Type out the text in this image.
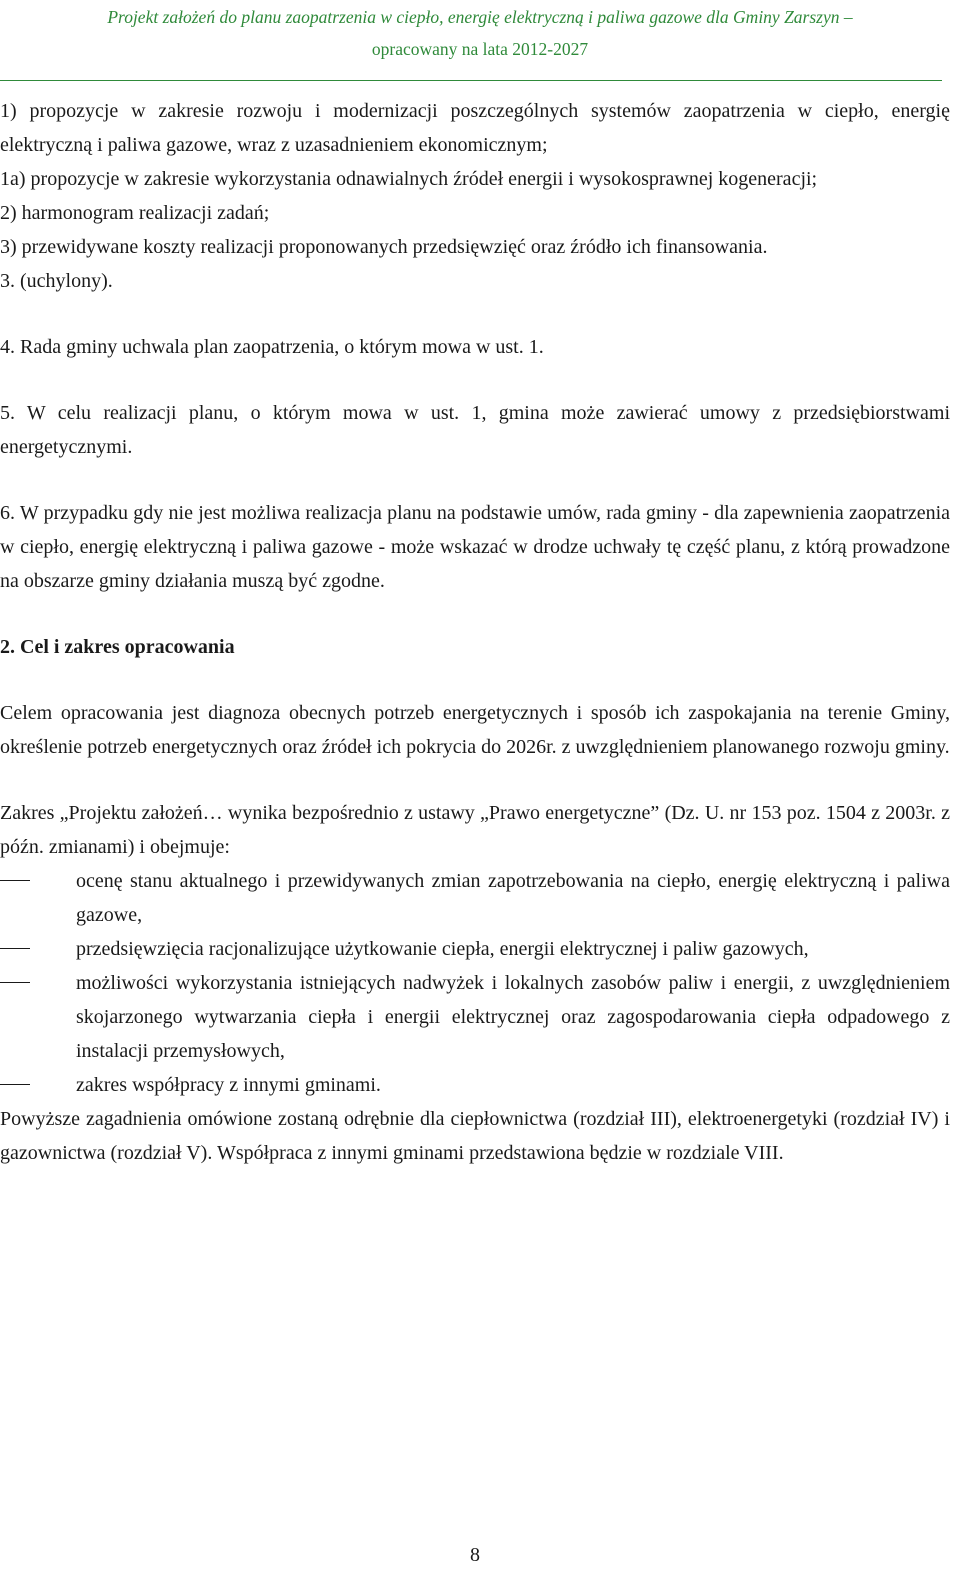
Projekt założeń do planu zaopatrzenia w ciepło, energię elektryczną i paliwa gazowe dla Gminy Zarszyn –
opracowany na lata 2012-2027

1) propozycje w zakresie rozwoju i modernizacji poszczególnych systemów zaopatrzenia w ciepło, energię elektryczną i paliwa gazowe, wraz z uzasadnieniem ekonomicznym;

1a) propozycje w zakresie wykorzystania odnawialnych źródeł energii i wysokosprawnej kogeneracji;

2) harmonogram realizacji zadań;

3) przewidywane koszty realizacji proponowanych przedsięwzięć oraz źródło ich finansowania.

3. (uchylony).

4. Rada gminy uchwala plan zaopatrzenia, o którym mowa w ust. 1.

5. W celu realizacji planu, o którym mowa w ust. 1, gmina może zawierać umowy z przedsiębiorstwami energetycznymi.

6. W przypadku gdy nie jest możliwa realizacja planu na podstawie umów, rada gminy - dla zapewnienia zaopatrzenia w ciepło, energię elektryczną i paliwa gazowe - może wskazać w drodze uchwały tę część planu, z którą prowadzone na obszarze gminy działania muszą być zgodne.

2. Cel i zakres opracowania

Celem opracowania jest diagnoza obecnych potrzeb energetycznych i sposób ich zaspokajania na terenie Gminy, określenie potrzeb energetycznych oraz źródeł ich pokrycia do 2026r. z uwzględnieniem planowanego rozwoju gminy.

Zakres „Projektu założeń… wynika bezpośrednio z ustawy „Prawo energetyczne” (Dz. U. nr 153 poz. 1504 z 2003r. z późn. zmianami) i obejmuje:

ocenę stanu aktualnego i przewidywanych zmian zapotrzebowania na ciepło, energię elektryczną i paliwa gazowe,
przedsięwzięcia racjonalizujące użytkowanie ciepła, energii elektrycznej i paliw gazowych,
możliwości wykorzystania istniejących nadwyżek i lokalnych zasobów paliw i energii, z uwzględnieniem skojarzonego wytwarzania ciepła i energii elektrycznej oraz zagospodarowania ciepła odpadowego z instalacji przemysłowych,
zakres współpracy z innymi gminami.

Powyższe zagadnienia omówione zostaną odrębnie dla ciepłownictwa (rozdział III), elektroenergetyki (rozdział IV) i gazownictwa (rozdział V). Współpraca z innymi gminami przedstawiona będzie w rozdziale VIII.

8
